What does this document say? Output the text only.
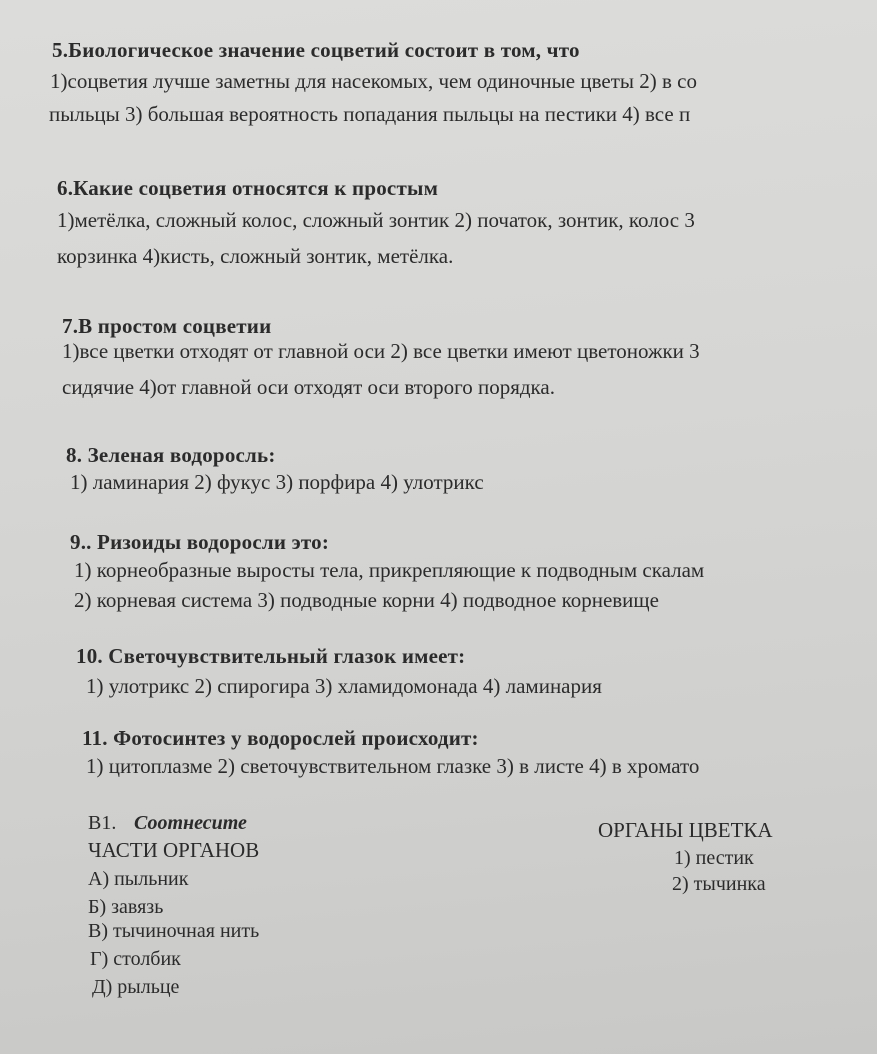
5.Биологическое значение соцветий состоит в том, что
1)соцветия лучше заметны для насекомых, чем одиночные цветы 2) в со
пыльцы 3) большая вероятность попадания пыльцы на пестики 4) все п
6.Какие соцветия относятся к простым
1)метёлка, сложный колос, сложный зонтик 2) початок, зонтик, колос 3
корзинка 4)кисть, сложный зонтик, метёлка.
7.В простом соцветии
1)все цветки отходят от главной оси 2) все цветки имеют цветоножки 3
сидячие 4)от главной оси отходят оси второго порядка.
8. Зеленая водоросль:
1) ламинария 2) фукус 3) порфира 4) улотрикс
9.. Ризоиды водоросли это:
1) корнеобразные выросты тела, прикрепляющие к подводным скалам
2) корневая система 3) подводные корни 4) подводное корневище
10. Светочувствительный глазок имеет:
1) улотрикс 2) спирогира 3) хламидомонада 4) ламинария
11. Фотосинтез у водорослей происходит:
1) цитоплазме 2) светочувствительном глазке 3) в листе 4) в хромато
В1. Соотнесите
ЧАСТИ ОРГАНОВ
А) пыльник
Б) завязь
В) тычиночная нить
Г) столбик
Д) рыльце
ОРГАНЫ ЦВЕТКА
1) пестик
2) тычинка
